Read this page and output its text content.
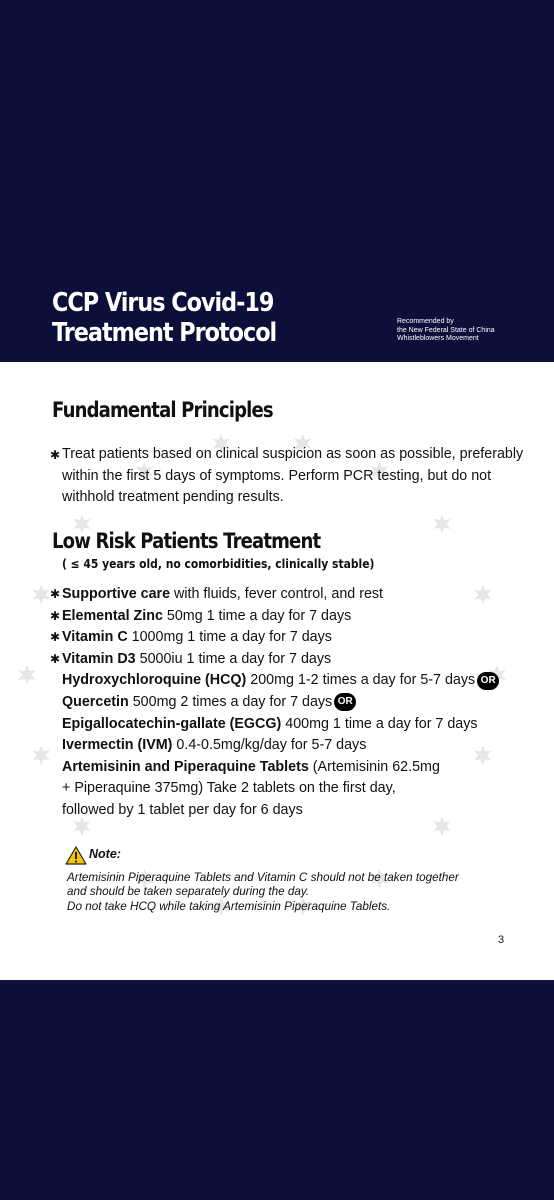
CCP Virus Covid-19
Treatment Protocol	Recommended by
the New Federal State of China
Whistleblowers Movement
Fundamental Principles
✱ Treat patients based on clinical suspicion as soon as possible, preferably within the first 5 days of symptoms. Perform PCR testing, but do not withhold treatment pending results.

Low Risk Patients Treatment

( ≤ 45 years old, no comorbidities, clinically stable)

✱ Supportive care with fluids, fever control, and rest
✱ Elemental Zinc 50mg 1 time a day for 7 days
✱ Vitamin C 1000mg 1 time a day for 7 days
✱ Vitamin D3 5000iu 1 time a day for 7 days
Hydroxychloroquine (HCQ) 200mg 1-2 times a day for 5-7 days OR
Quercetin 500mg 2 times a day for 7 days OR
Epigallocatechin-gallate (EGCG) 400mg 1 time a day for 7 days
Ivermectin (IVM) 0.4-0.5mg/kg/day for 5-7 days
Artemisinin and Piperaquine Tablets (Artemisinin 62.5mg
+ Piperaquine 375mg) Take 2 tablets on the first day,
followed by 1 tablet per day for 6 days
Note:
Artemisinin Piperaquine Tablets and Vitamin C should not be taken together
and should be taken separately during the day.
Do not take HCQ while taking Artemisinin Piperaquine Tablets.
3
